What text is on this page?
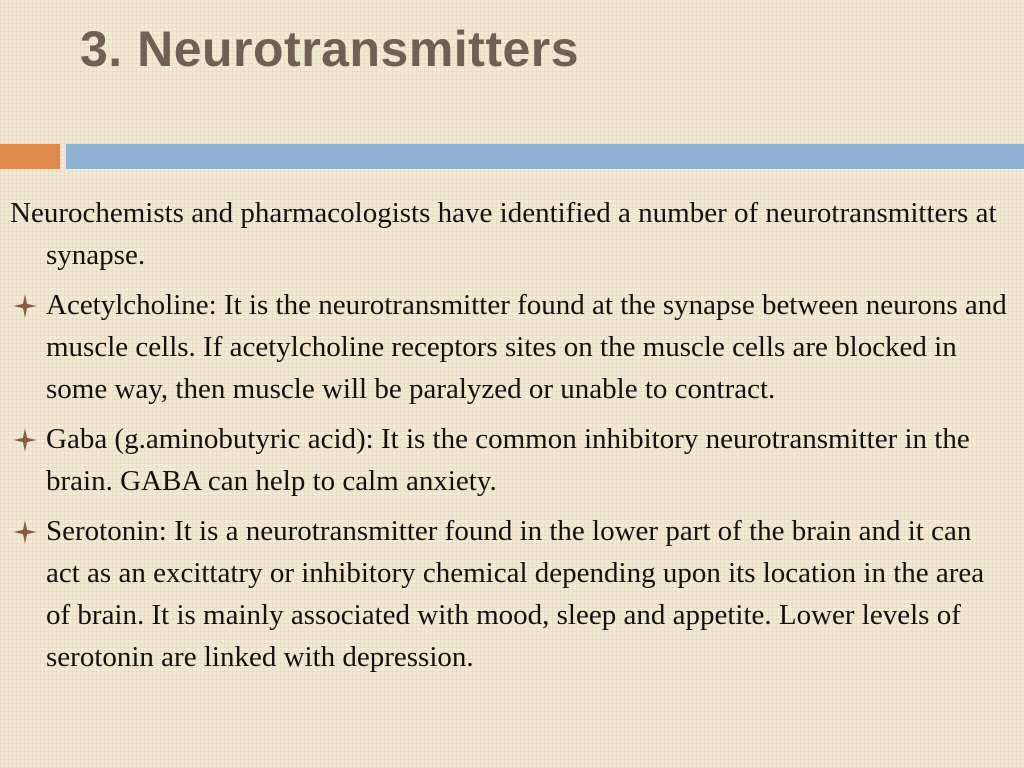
3. Neurotransmitters

Neurochemists and pharmacologists have identified a number of neurotransmitters at synapse.

Acetylcholine: It is the neurotransmitter found at the synapse between neurons and muscle cells. If acetylcholine receptors sites on the muscle cells are blocked in some way, then muscle will be paralyzed or unable to contract.
Gaba (g.aminobutyric acid): It is the common inhibitory neurotransmitter in the brain. GABA can help to calm anxiety.
Serotonin: It is a neurotransmitter found in the lower part of the brain and it can act as an excittatry or inhibitory chemical depending upon its location in the area of brain. It is mainly associated with mood, sleep and appetite. Lower levels of serotonin are linked with depression.
